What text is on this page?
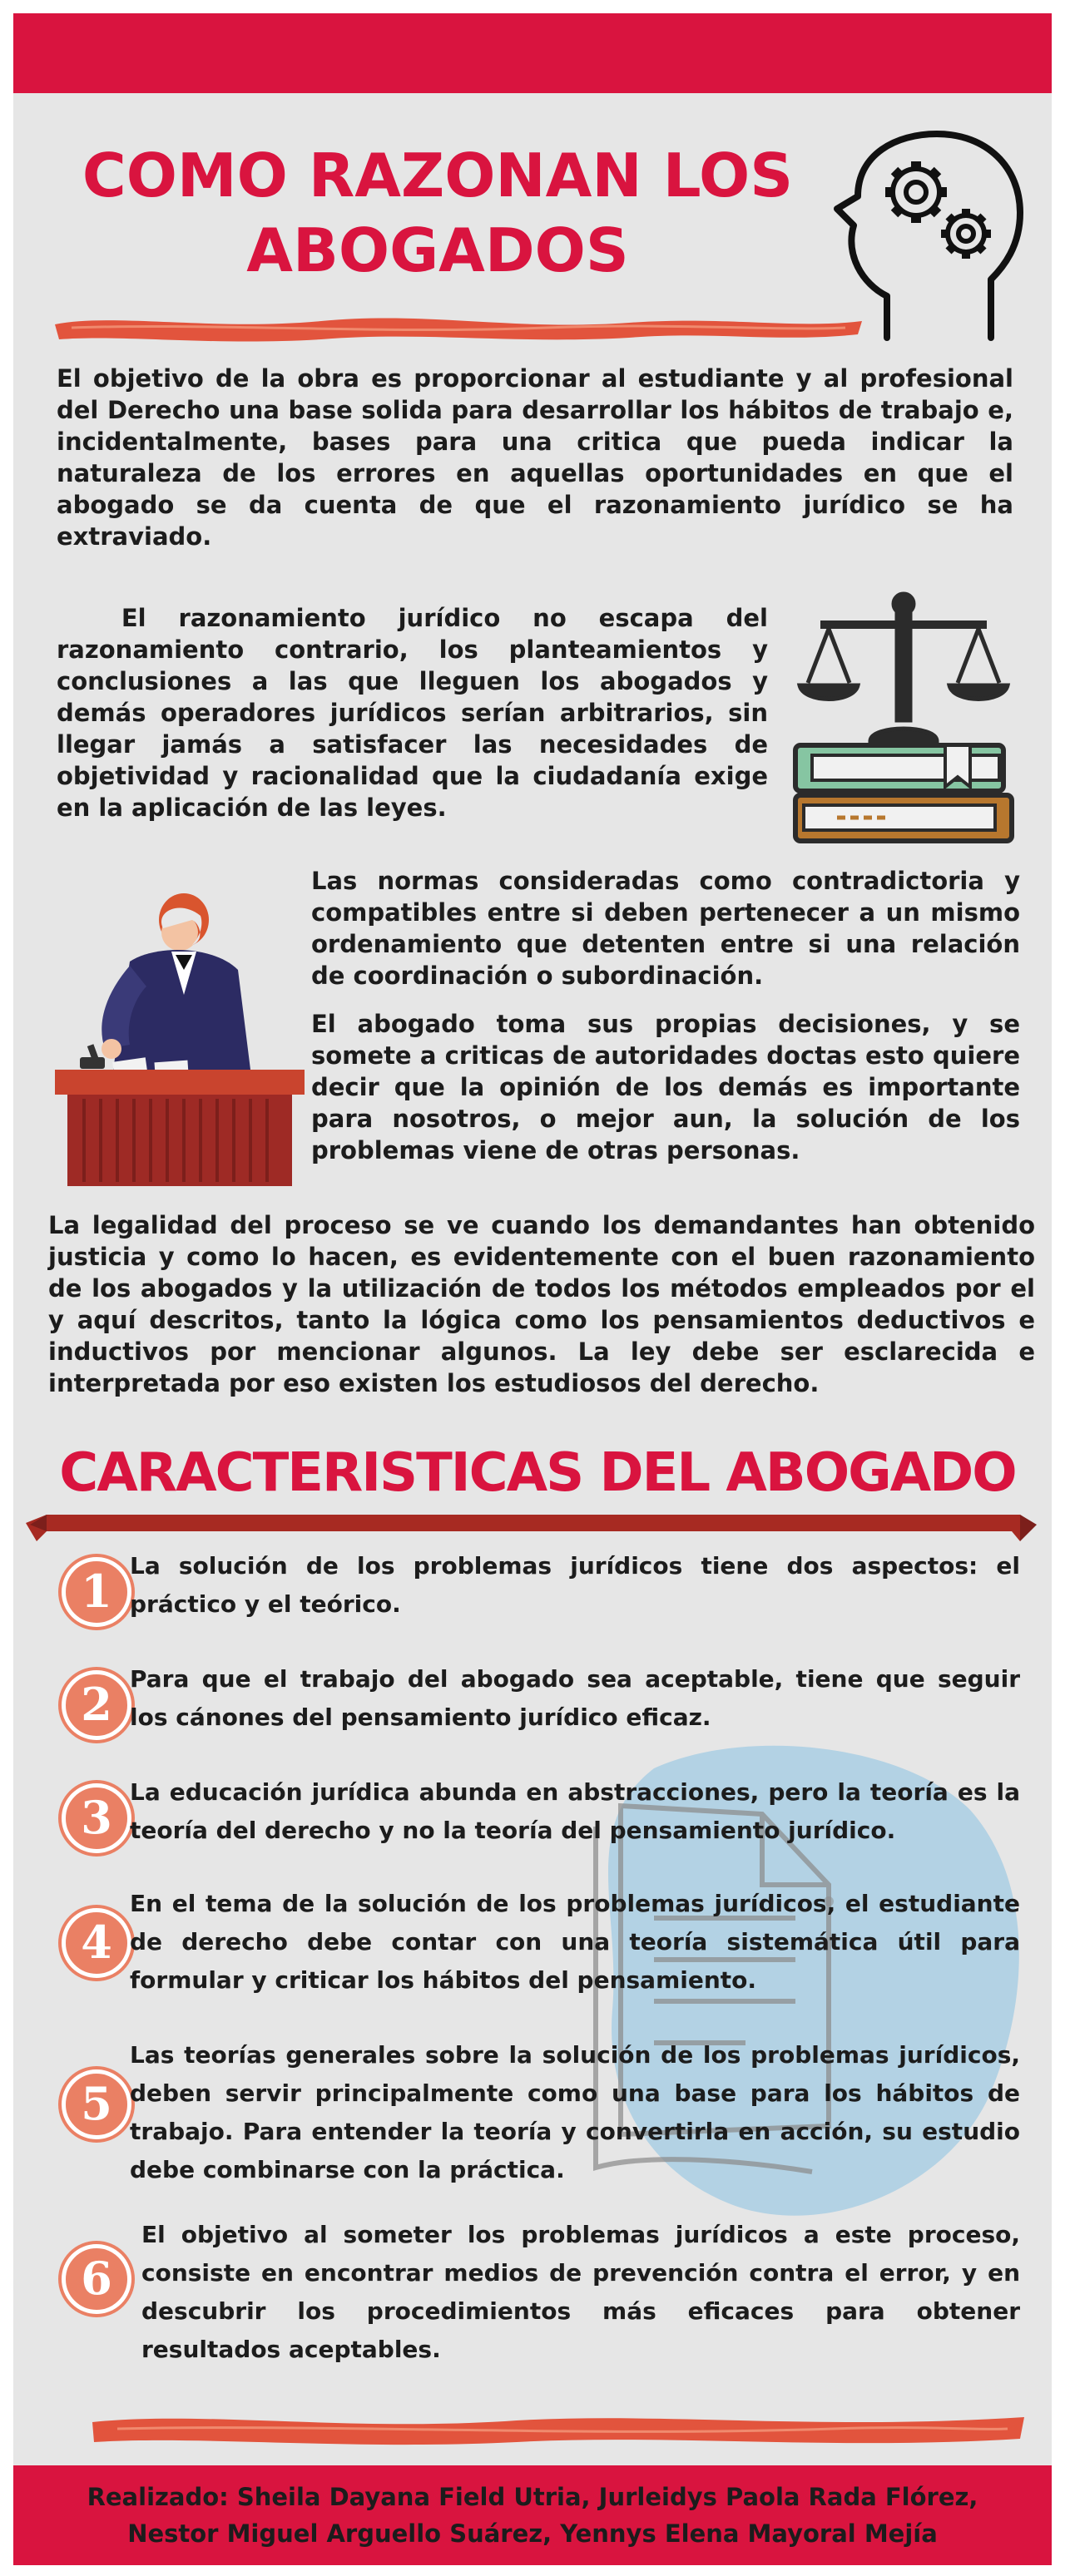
COMO RAZONAN LOS
ABOGADOS

El objetivo de la obra es proporcionar al estudiante y al profesional del Derecho una base solida para desarrollar los hábitos de trabajo e, incidentalmente, bases para una critica que pueda indicar la naturaleza de los errores en aquellas oportunidades en que el abogado se da cuenta de que el razonamiento jurídico se ha extraviado.

El razonamiento jurídico no escapa del razonamiento contrario, los planteamientos y conclusiones a las que lleguen los abogados y demás operadores jurídicos serían arbitrarios, sin llegar jamás a satisfacer las necesidades de objetividad y racionalidad que la ciudadanía exige en la aplicación de las leyes.

Las normas consideradas como contradictoria y compatibles entre si deben pertenecer a un mismo ordenamiento que detenten entre si una relación de coordinación o subordinación.

El abogado toma sus propias decisiones, y se somete a criticas de autoridades doctas esto quiere decir que la opinión de los demás es importante para nosotros, o mejor aun, la solución de los problemas viene de otras personas.

La legalidad del proceso se ve cuando los demandantes han obtenido justicia y como lo hacen, es evidentemente con el buen razonamiento de los abogados y la utilización de todos los métodos empleados por el y aquí descritos, tanto la lógica como los pensamientos deductivos e inductivos por mencionar algunos. La ley debe ser esclarecida e interpretada por eso existen los estudiosos del derecho.

CARACTERISTICAS DEL ABOGADO
1 La solución de los problemas jurídicos tiene dos aspectos: el práctico y el teórico.

2 Para que el trabajo del abogado sea aceptable, tiene que seguir los cánones del pensamiento jurídico eficaz.

3 La educación jurídica abunda en abstracciones, pero la teoría es la teoría del derecho y no la teoría del pensamiento jurídico.

4

En el tema de la solución de los problemas jurídicos, el estudiante de derecho debe contar con una teoría sistemática útil para formular y criticar los hábitos del pensamiento.

5

Las teorías generales sobre la solución de los problemas jurídicos, deben servir principalmente como una base para los hábitos de trabajo. Para entender la teoría y convertirla en acción, su estudio debe combinarse con la práctica.

6

El objetivo al someter los problemas jurídicos a este proceso, consiste en encontrar medios de prevención contra el error, y en descubrir los procedimientos más eficaces para obtener resultados aceptables.

Realizado: Sheila Dayana Field Utria, Jurleidys Paola Rada Flórez,
Nestor Miguel Arguello Suárez, Yennys Elena Mayoral Mejía
